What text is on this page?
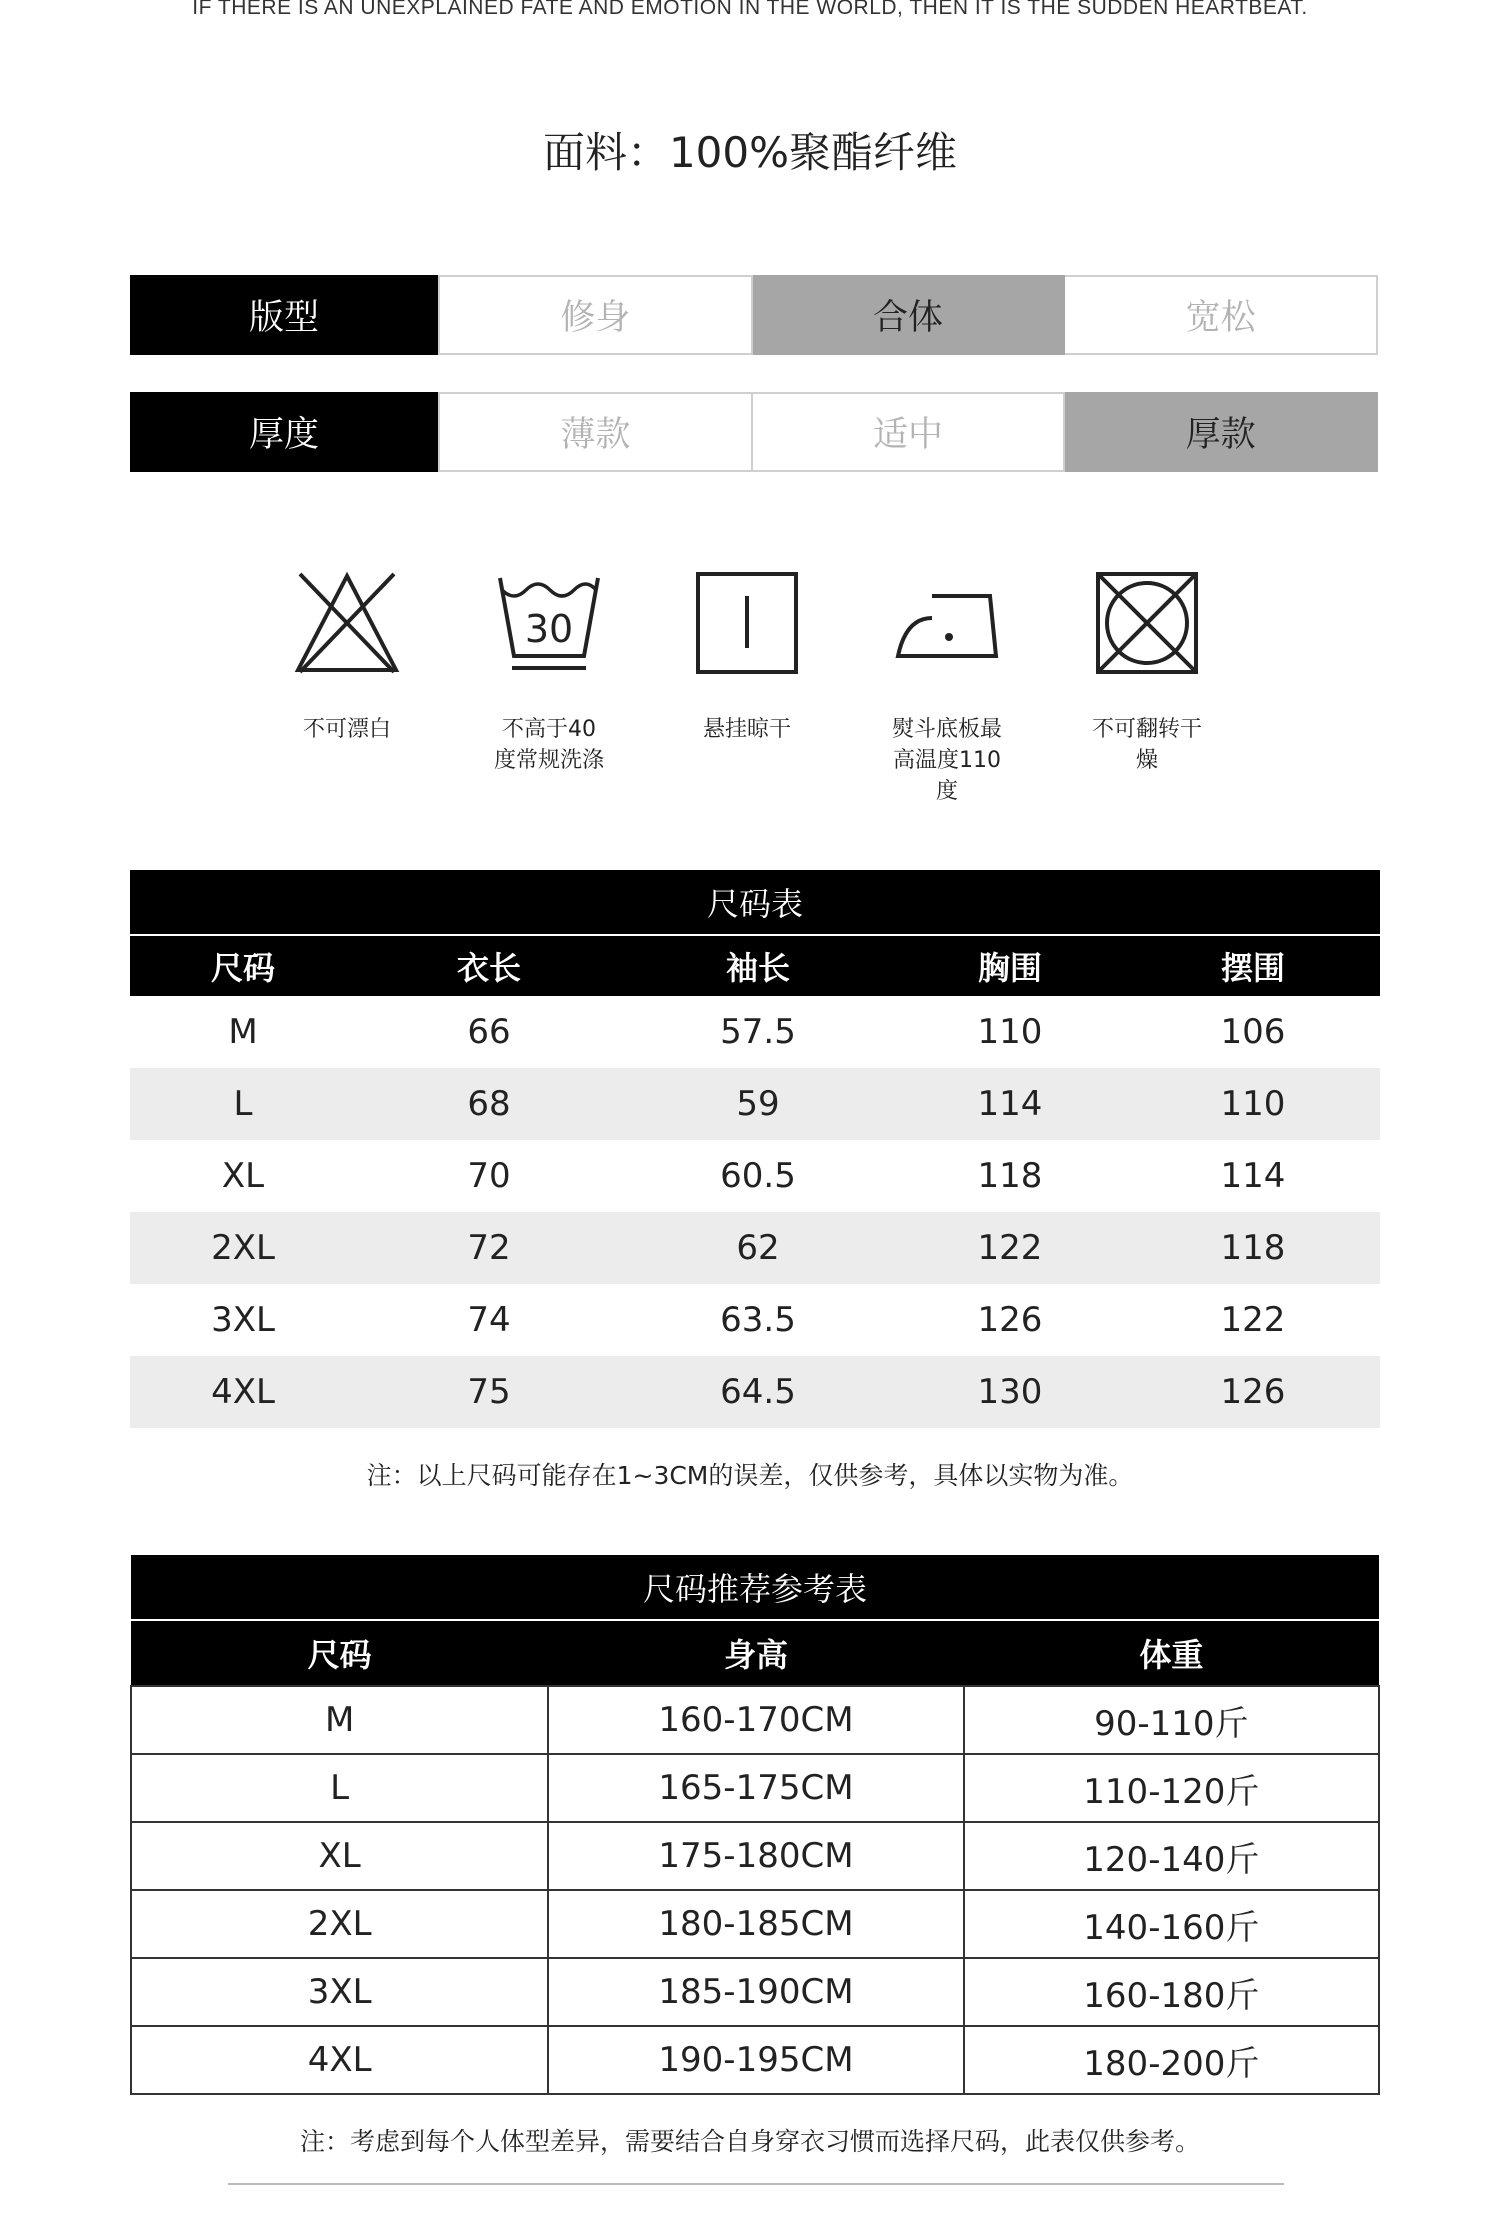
IF THERE IS AN UNEXPLAINED FATE AND EMOTION IN THE WORLD, THEN IT IS THE SUDDEN HEARTBEAT.
面料：100%聚酯纤维
版型	修身	合体	宽松
厚度	薄款	适中	厚款
不可漂白
30
不高于40
度常规洗涤
悬挂晾干	熨斗底板最
高温度110
度
不可翻转干
燥
尺码表				
尺码	衣长	袖长	胸围	摆围
M	66	57.5	110	106
L	68	59	114	110
XL	70	60.5	118	114
2XL	72	62	122	118
3XL	74	63.5	126	122
4XL	75	64.5	130	126
注：以上尺码可能存在1~3CM的误差，仅供参考，具体以实物为准。
尺码推荐参考表		
尺码	身高	体重
M	160-170CM	90-110斤
L	165-175CM	110-120斤
XL	175-180CM	120-140斤
2XL	180-185CM	140-160斤
3XL	185-190CM	160-180斤
4XL	190-195CM	180-200斤
注：考虑到每个人体型差异，需要结合自身穿衣习惯而选择尺码，此表仅供参考。
